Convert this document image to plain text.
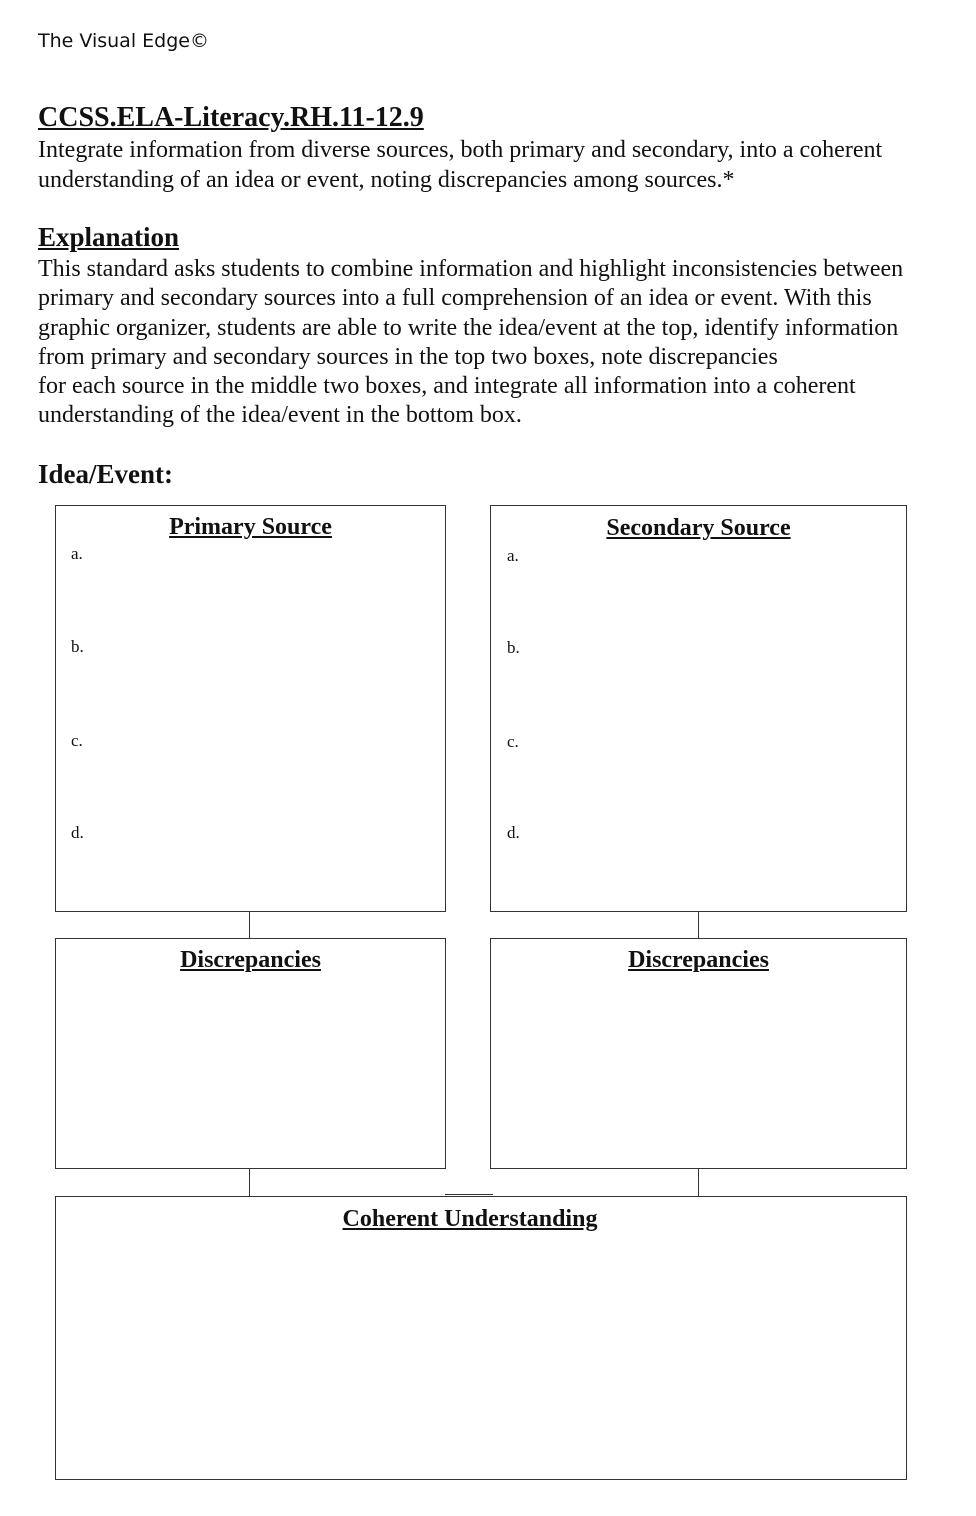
The Visual Edge©
CCSS.ELA-Literacy.RH.11-12.9
Integrate information from diverse sources, both primary and secondary, into a coherent
understanding of an idea or event, noting discrepancies among sources.*
Explanation
This standard asks students to combine information and highlight inconsistencies between
primary and secondary sources into a full comprehension of an idea or event. With this
graphic organizer, students are able to write the idea/event at the top, identify information
from primary and secondary sources in the top two boxes, note discrepancies
for each source in the middle two boxes, and integrate all information into a coherent
understanding of the idea/event in the bottom box.
Idea/Event:
Primary Source
a.
b.
c.
d.
Secondary Source
a.
b.
c.
d.
Discrepancies	Discrepancies
Coherent Understanding
